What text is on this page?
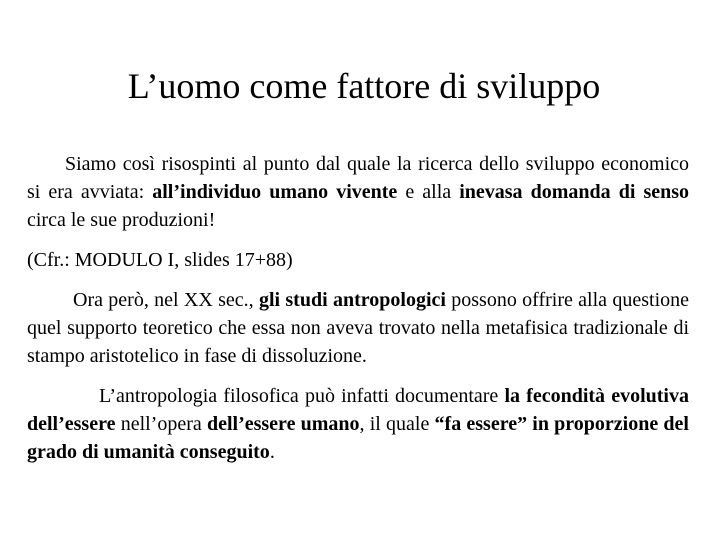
L’uomo come fattore di sviluppo

Siamo così risospinti al punto dal quale la ricerca dello sviluppo economico si era avviata: all’individuo umano vivente e alla inevasa domanda di senso circa le sue produzioni!

(Cfr.: MODULO I, slides 17+88)

Ora però, nel XX sec., gli studi antropologici possono offrire alla questione quel supporto teoretico che essa non aveva trovato nella metafisica tradizionale di stampo aristotelico in fase di dissoluzione.

L’antropologia filosofica può infatti documentare la fecondità evolutiva dell’essere nell’opera dell’essere umano, il quale “fa essere” in proporzione del grado di umanità conseguito.
